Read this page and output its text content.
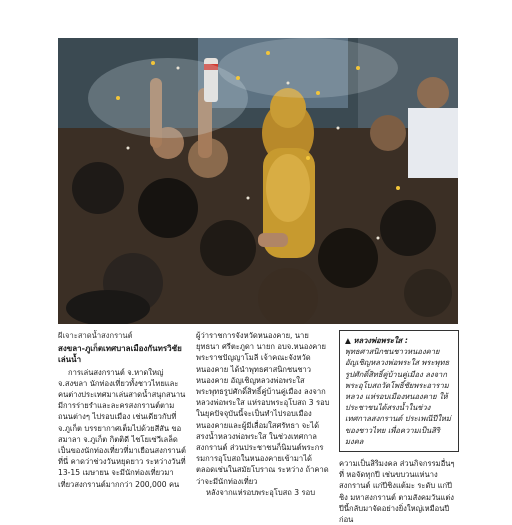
ผีเจาะสาดน้ำสงกรานต์
สงขลา-ภูเก็ตเทศบาลเมืองกันทรวิชัยเล่นน้ำ

การเล่นสงกรานต์ จ.หาดใหญ่ จ.สงขลา นักท่องเที่ยวทั้งชาวไทยและคนต่างประเทศมาเล่นสาดน้ำสนุกสนาน มีการร่ายรำและละครสงกรานต์ตามถนนต่างๆ ไปรอบเมือง เช่นเดียวกับที่ จ.ภูเก็ต บรรยากาศเต็มไปด้วยสีสัน ขอสมาลา จ.ภูเก็ต กิตติดี ไชโยเซ่วีเลล็ดเป็นของนักท่องเที่ยวที่มาเยือนสงกรานต์ ที่นี่ คาดว่าช่วงวันหยุดยาว ระหว่างวันที่ 13-15 เมษายน จะมีนักท่องเที่ยวมาเที่ยวสงกรานต์มากกว่า 200,000 คน

ผู้ว่าราชการจังหวัดหนองคาย, นายยุทธนา ศรีตะภูดา นายก อบจ.หนองคาย พระราชปัญญาโมลี เจ้าคณะจังหวัดหนองคาย ได้นำพุทธศาสนิกชนชาวหนองคาย อัญเชิญหลวงพ่อพระใส พระพุทธรูปศักดิ์สิทธิ์คู่บ้านคู่เมือง ลงจากหลวงพ่อพระใส แห่รอบพระอุโบสถ 3 รอบ ในยุคปัจจุบันนี้จะเป็นทำไปรอบเมืองหนองคายและผู้มีเลื่อมใสศรัทธา จะได้สรงน้ำหลวงพ่อพระใส ในช่วงเทศกาลสงกรานต์ ส่วนประชาชนก็นิมนต์พระกรรมการอุโบสถในหนองคายเข้ามาได้ตลอดเช่นในสมัยโบราณ ระหว่าง ถ้าคาดว่าจะมีนักท่องเที่ยว

หลังจากแห่รอบพระอุโบสถ 3 รอบ

▲ หลวงพ่อพระใส : พุทธศาสนิกชนชาวหนองคาย อัญเชิญหลวงพ่อพระใส พระพุทธรูปศักดิ์สิทธิ์คู่บ้านคู่เมือง ลงจากพระอุโบสถวัดโพธิ์ชัยพระอารามหลวง แห่รอบเมืองหนองคาย ให้ประชาชนได้สรงน้ำในช่วงเทศกาลสงกรานต์ ประเพณีปีใหม่ของชาวไทย เพื่อความเป็นสิริมงคล

ความเป็นสิริมงคล ส่วนกิจกรรมอื่นๆ ที่ หอจัดทุกปี เช่นขบวนแห่นางสงกรานต์ แก่ปีชิงแต้มะ ระดับ แก่ปีชิง มหาสงกรานต์ ตามสังคมวันแต่ง ปีนี้กลับมาจัดอย่างยิ่งใหญ่เหมือนปีก่อน
